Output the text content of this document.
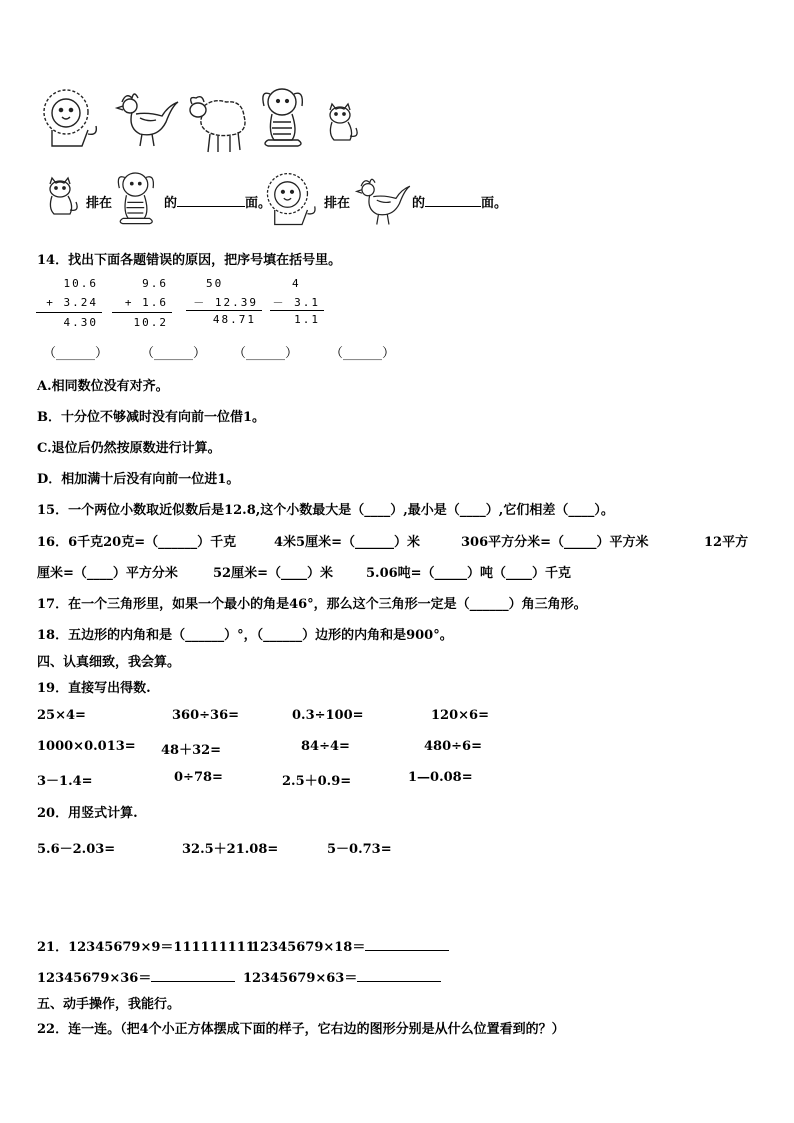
排在	的	面。	排在	的	面。
14．找出下面各题错误的原因，把序号填在括号里。
10.6
+ 3.24
4.30
9.6
+ 1.6
10.2
50
－ 12.39
48.71
4
－ 3.1
1.1
（______）	（______） （______） （______）
A.相同数位没有对齐。
B．十分位不够减时没有向前一位借1。
C.退位后仍然按原数进行计算。
D．相加满十后没有向前一位进1。
15．一个两位小数取近似数后是12.8,这个小数最大是（____）,最小是（____）,它们相差（____）。
16．6千克20克=（______）千克	4米5厘米=（______）米	306平方分米=（_____）平方米	12平方
厘米=（____）平方分米	52厘米=（____）米	5.06吨=（_____）吨（____）千克
17．在一个三角形里，如果一个最小的角是46°，那么这个三角形一定是（______）角三角形。
18．五边形的内角和是（______）°，（______）边形的内角和是900°。
四、认真细致，我会算。
19．直接写出得数.
25×4=	360÷36=	0.3÷100=	120×6=
1000×0.013= 48＋32=	84÷4=	480÷6=
3－1.4=	0÷78=	2.5＋0.9=	1—0.08=
20．用竖式计算.
5.6－2.03=	32.5＋21.08=	5－0.73=
21．12345679×9＝111111111
12345679×18＝
12345679×36＝	12345679×63＝
五、动手操作，我能行。
22．连一连。（把4个小正方体摆成下面的样子，它右边的图形分别是从什么位置看到的？）
